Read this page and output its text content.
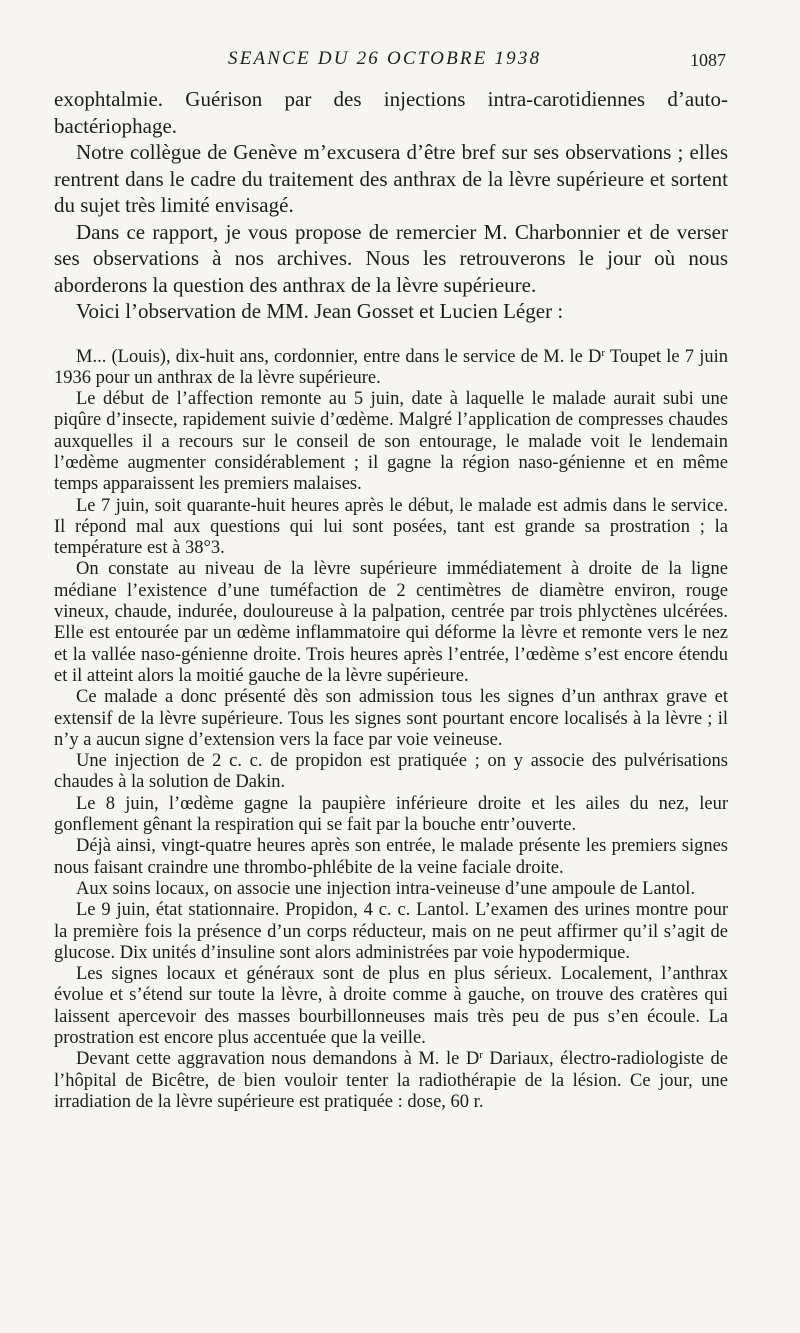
SEANCE DU 26 OCTOBRE 1938	1087

exophtalmie. Guérison par des injections intra-carotidiennes d’auto-bactériophage.

Notre collègue de Genève m’excusera d’être bref sur ses observations ; elles rentrent dans le cadre du traitement des anthrax de la lèvre supérieure et sortent du sujet très limité envisagé.

Dans ce rapport, je vous propose de remercier M. Charbonnier et de verser ses observations à nos archives. Nous les retrouverons le jour où nous aborderons la question des anthrax de la lèvre supérieure.

Voici l’observation de MM. Jean Gosset et Lucien Léger :

M... (Louis), dix-huit ans, cordonnier, entre dans le service de M. le $D^r$ Toupet le 7 juin 1936 pour un anthrax de la lèvre supérieure.

Le début de l’affection remonte au 5 juin, date à laquelle le malade aurait subi une piqûre d’insecte, rapidement suivie d’œdème. Malgré l’application de compresses chaudes auxquelles il a recours sur le conseil de son entourage, le malade voit le lendemain l’œdème augmenter considérablement ; il gagne la région naso-génienne et en même temps apparaissent les premiers malaises.

Le 7 juin, soit quarante-huit heures après le début, le malade est admis dans le service. Il répond mal aux questions qui lui sont posées, tant est grande sa prostration ; la température est à 38°3.

On constate au niveau de la lèvre supérieure immédiatement à droite de la ligne médiane l’existence d’une tuméfaction de 2 centimètres de diamètre environ, rouge vineux, chaude, indurée, douloureuse à la palpation, centrée par trois phlyctènes ulcérées. Elle est entourée par un œdème inflammatoire qui déforme la lèvre et remonte vers le nez et la vallée naso-génienne droite. Trois heures après l’entrée, l’œdème s’est encore étendu et il atteint alors la moitié gauche de la lèvre supérieure.

Ce malade a donc présenté dès son admission tous les signes d’un anthrax grave et extensif de la lèvre supérieure. Tous les signes sont pourtant encore localisés à la lèvre ; il n’y a aucun signe d’extension vers la face par voie veineuse.

Une injection de 2 c. c. de propidon est pratiquée ; on y associe des pulvérisations chaudes à la solution de Dakin.

Le 8 juin, l’œdème gagne la paupière inférieure droite et les ailes du nez, leur gonflement gênant la respiration qui se fait par la bouche entr’ouverte.

Déjà ainsi, vingt-quatre heures après son entrée, le malade présente les premiers signes nous faisant craindre une thrombo-phlébite de la veine faciale droite.

Aux soins locaux, on associe une injection intra-veineuse d’une ampoule de Lantol.

Le 9 juin, état stationnaire. Propidon, 4 c. c. Lantol. L’examen des urines montre pour la première fois la présence d’un corps réducteur, mais on ne peut affirmer qu’il s’agit de glucose. Dix unités d’insuline sont alors administrées par voie hypodermique.

Les signes locaux et généraux sont de plus en plus sérieux. Localement, l’anthrax évolue et s’étend sur toute la lèvre, à droite comme à gauche, on trouve des cratères qui laissent apercevoir des masses bourbillonneuses mais très peu de pus s’en écoule. La prostration est encore plus accentuée que la veille.

Devant cette aggravation nous demandons à M. le $D^r$ Dariaux, électro-radiologiste de l’hôpital de Bicêtre, de bien vouloir tenter la radiothérapie de la lésion. Ce jour, une irradiation de la lèvre supérieure est pratiquée : dose, 60 r.
